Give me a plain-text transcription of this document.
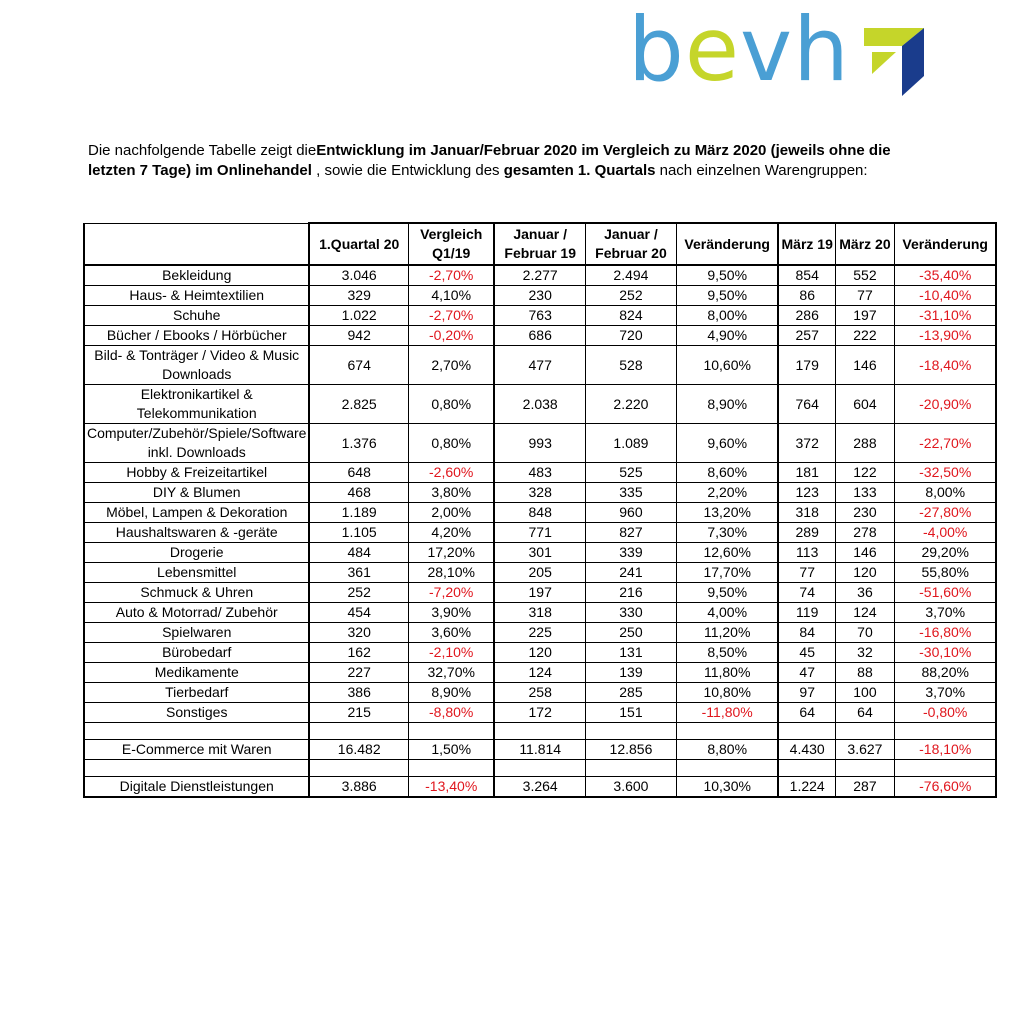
bevh
Die nachfolgende Tabelle zeigt dieEntwicklung im Januar/Februar 2020 im Vergleich zu März 2020 (jeweils ohne die letzten 7 Tage) im Onlinehandel , sowie die Entwicklung des gesamten 1. Quartals nach einzelnen Warengruppen:
	1.Quartal 20	Vergleich Q1/19	Januar / Februar 19	Januar / Februar 20	Veränderung	März 19	März 20	Veränderung
Bekleidung	3.046	-2,70%	2.277	2.494	9,50%	854	552	-35,40%
Haus- & Heimtextilien	329	4,10%	230	252	9,50%	86	77	-10,40%
Schuhe	1.022	-2,70%	763	824	8,00%	286	197	-31,10%
Bücher / Ebooks / Hörbücher	942	-0,20%	686	720	4,90%	257	222	-13,90%
Bild- & Tonträger / Video & Music Downloads	674	2,70%	477	528	10,60%	179	146	-18,40%
Elektronikartikel & Telekommunikation	2.825	0,80%	2.038	2.220	8,90%	764	604	-20,90%
Computer/Zubehör/Spiele/Software inkl. Downloads	1.376	0,80%	993	1.089	9,60%	372	288	-22,70%
Hobby & Freizeitartikel	648	-2,60%	483	525	8,60%	181	122	-32,50%
DIY & Blumen	468	3,80%	328	335	2,20%	123	133	8,00%
Möbel, Lampen & Dekoration	1.189	2,00%	848	960	13,20%	318	230	-27,80%
Haushaltswaren & -geräte	1.105	4,20%	771	827	7,30%	289	278	-4,00%
Drogerie	484	17,20%	301	339	12,60%	113	146	29,20%
Lebensmittel	361	28,10%	205	241	17,70%	77	120	55,80%
Schmuck & Uhren	252	-7,20%	197	216	9,50%	74	36	-51,60%
Auto & Motorrad/ Zubehör	454	3,90%	318	330	4,00%	119	124	3,70%
Spielwaren	320	3,60%	225	250	11,20%	84	70	-16,80%
Bürobedarf	162	-2,10%	120	131	8,50%	45	32	-30,10%
Medikamente	227	32,70%	124	139	11,80%	47	88	88,20%
Tierbedarf	386	8,90%	258	285	10,80%	97	100	3,70%
Sonstiges	215	-8,80%	172	151	-11,80%	64	64	-0,80%

E-Commerce mit Waren	16.482	1,50%	11.814	12.856	8,80%	4.430	3.627	-18,10%

Digitale Dienstleistungen	3.886	-13,40%	3.264	3.600	10,30%	1.224	287	-76,60%
